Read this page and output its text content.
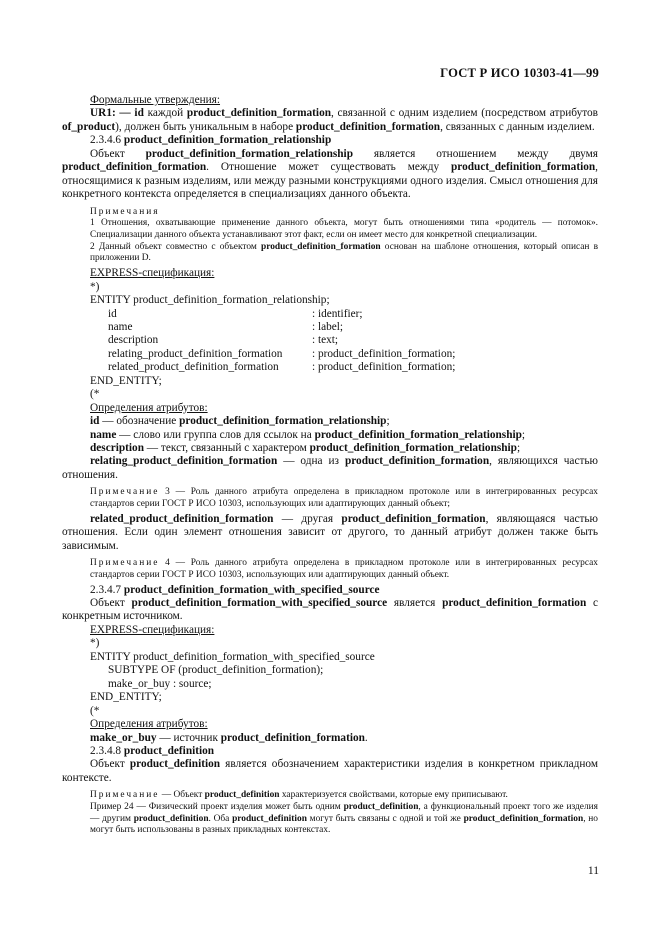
ГОСТ Р ИСО 10303-41—99

Формальные утверждения:

UR1: — id каждой product_definition_formation, связанной с одним изделием (посредством атрибутов of_product), должен быть уникальным в наборе product_definition_formation, связанных с данным изделием.

2.3.4.6 product_definition_formation_relationship

Объект product_definition_formation_relationship является отношением между двумя product_definition_formation. Отношение может существовать между product_definition_formation, относящимися к разным изделиям, или между разными конструкциями одного изделия. Смысл отношения для конкретного контекста определяется в специализациях данного объекта.

Примечания

1 Отношения, охватывающие применение данного объекта, могут быть отношениями типа «родитель — потомок». Специализации данного объекта устанавливают этот факт, если он имеет место для конкретной специализации.

2 Данный объект совместно с объектом product_definition_formation основан на шаблоне отношения, который описан в приложении D.

EXPRESS-спецификация:

*)

ENTITY product_definition_formation_relationship;

id	: identifier;
name	: label;
description	: text;
relating_product_definition_formation	: product_definition_formation;
related_product_definition_formation	: product_definition_formation;

END_ENTITY;

(*

Определения атрибутов:

id — обозначение product_definition_formation_relationship;

name — слово или группа слов для ссылок на product_definition_formation_relationship;

description — текст, связанный с характером product_definition_formation_relationship;

relating_product_definition_formation — одна из product_definition_formation, являющихся частью отношения.

Примечание 3 — Роль данного атрибута определена в прикладном протоколе или в интегрированных ресурсах стандартов серии ГОСТ Р ИСО 10303, использующих или адаптирующих данный объект;

related_product_definition_formation — другая product_definition_formation, являющаяся частью отношения. Если один элемент отношения зависит от другого, то данный атрибут должен также быть зависимым.

Примечание 4 — Роль данного атрибута определена в прикладном протоколе или в интегрированных ресурсах стандартов серии ГОСТ Р ИСО 10303, использующих или адаптирующих данный объект.

2.3.4.7 product_definition_formation_with_specified_source

Объект product_definition_formation_with_specified_source является product_definition_formation с конкретным источником.

EXPRESS-спецификация:

*)

ENTITY product_definition_formation_with_specified_source

SUBTYPE OF (product_definition_formation);

make_or_buy : source;

END_ENTITY;

(*

Определения атрибутов:

make_or_buy — источник product_definition_formation.

2.3.4.8 product_definition

Объект product_definition является обозначением характеристики изделия в конкретном прикладном контексте.

Примечание — Объект product_definition характеризуется свойствами, которые ему приписывают.

Пример 24 — Физический проект изделия может быть одним product_definition, а функциональный проект того же изделия — другим product_definition. Оба product_definition могут быть связаны с одной и той же product_definition_formation, но могут быть использованы в разных прикладных контекстах.

11
